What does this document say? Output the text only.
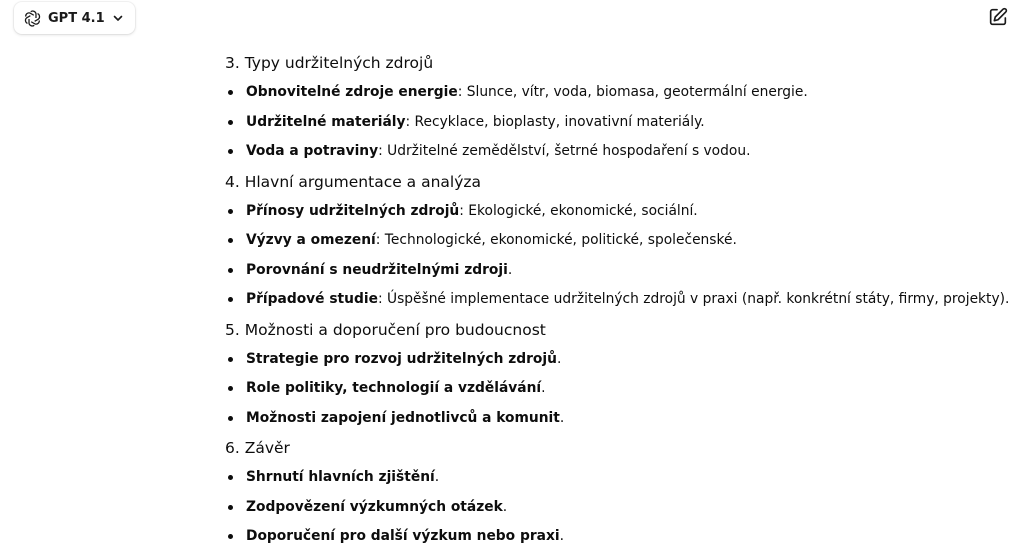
GPT 4.1

3. Typy udržitelných zdrojů

Obnovitelné zdroje energie: Slunce, vítr, voda, biomasa, geotermální energie.
Udržitelné materiály: Recyklace, bioplasty, inovativní materiály.
Voda a potraviny: Udržitelné zemědělství, šetrné hospodaření s vodou.

4. Hlavní argumentace a analýza

Přínosy udržitelných zdrojů: Ekologické, ekonomické, sociální.
Výzvy a omezení: Technologické, ekonomické, politické, společenské.
Porovnání s neudržitelnými zdroji.
Případové studie: Úspěšné implementace udržitelných zdrojů v praxi (např. konkrétní státy, firmy, projekty).

5. Možnosti a doporučení pro budoucnost

Strategie pro rozvoj udržitelných zdrojů.
Role politiky, technologií a vzdělávání.
Možnosti zapojení jednotlivců a komunit.

6. Závěr

Shrnutí hlavních zjištění.
Zodpovězení výzkumných otázek.
Doporučení pro další výzkum nebo praxi.
